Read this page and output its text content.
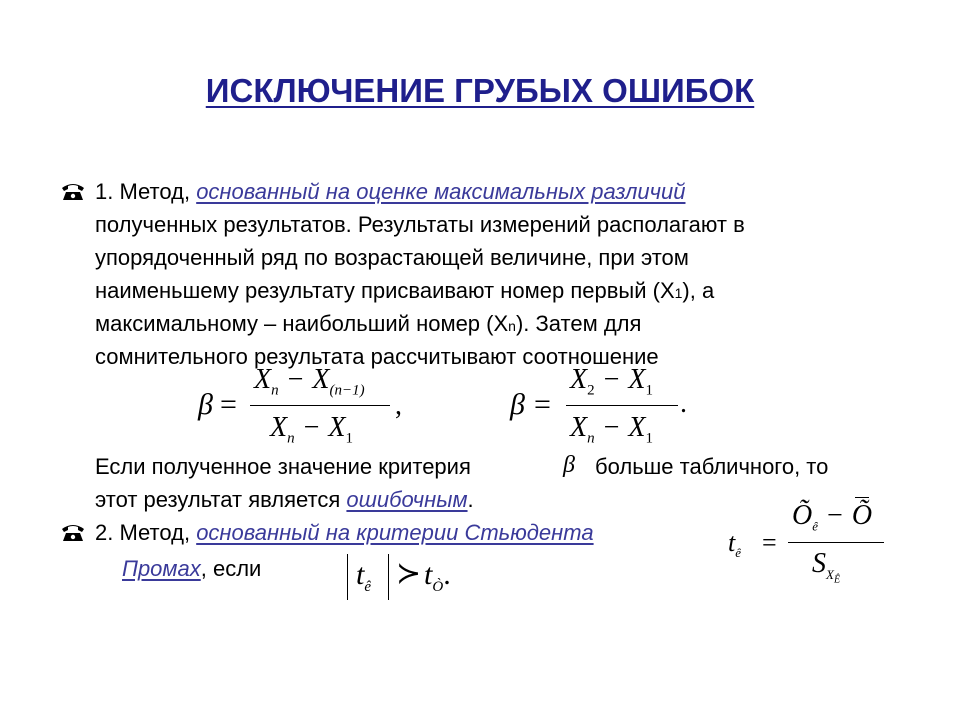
ИСКЛЮЧЕНИЕ ГРУБЫХ ОШИБОК
1. Метод, основанный на оценке максимальных различий
полученных результатов. Результаты измерений располагают в
упорядоченный ряд по возрастающей величине, при этом
наименьшему результату присваивают номер первый (Х1), а
максимальному – наибольший номер (Хn). Затем для
сомнительного результата рассчитывают соотношение
β =
$X_n - X_{(n-1)}$
$X_n - X_1$
,	β =
$X_2 - X_1$
$X_n - X_1$
.
Если полученное значение критерия	β больше табличного, то
этот результат является ошибочным.
2. Метод, основанный на критерии Стьюдента
Промах, если	$t_ê$ ≻ $t_Ò$.
$t_ê$ =
$Õ_ê$ − Õ
$S_{X_Ê}$
